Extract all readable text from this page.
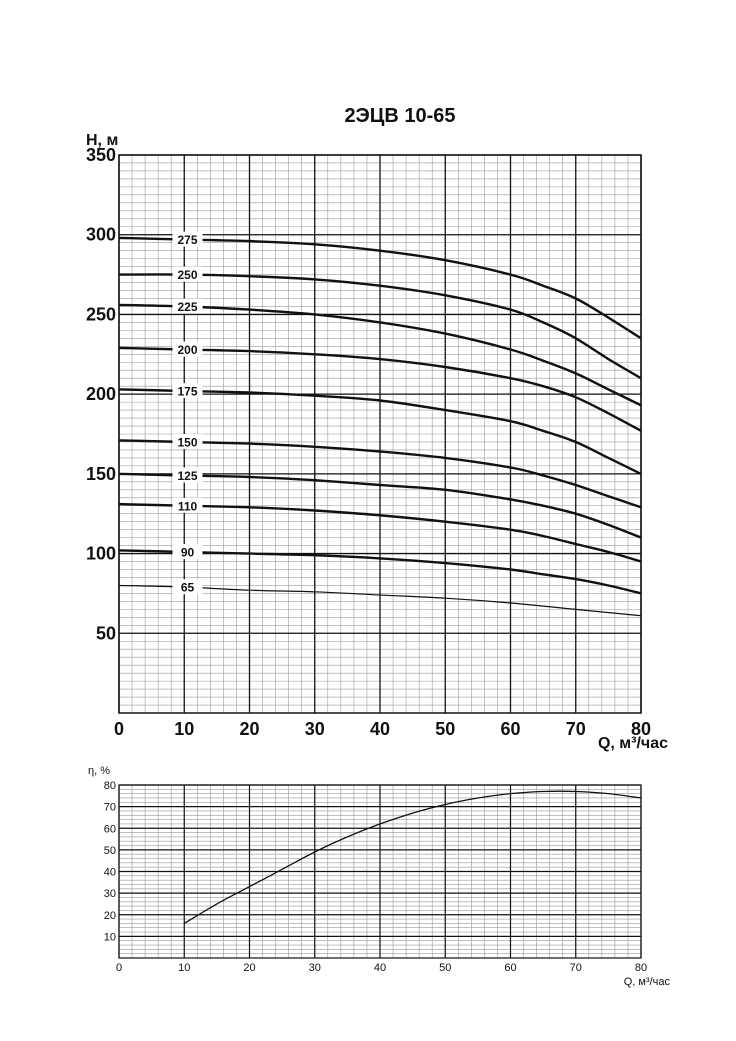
2ЭЦВ 10-65
275
250
225
200
175
150
125
110
90
65
0	10	20	30	40	50	60	70	80
50
100
150
200
250
300
350
H, м
Q, м³/час
0	10	20	30	40	50	60	70	80
10
20
30
40
50
60
70
80
η, %
Q, м³/час
